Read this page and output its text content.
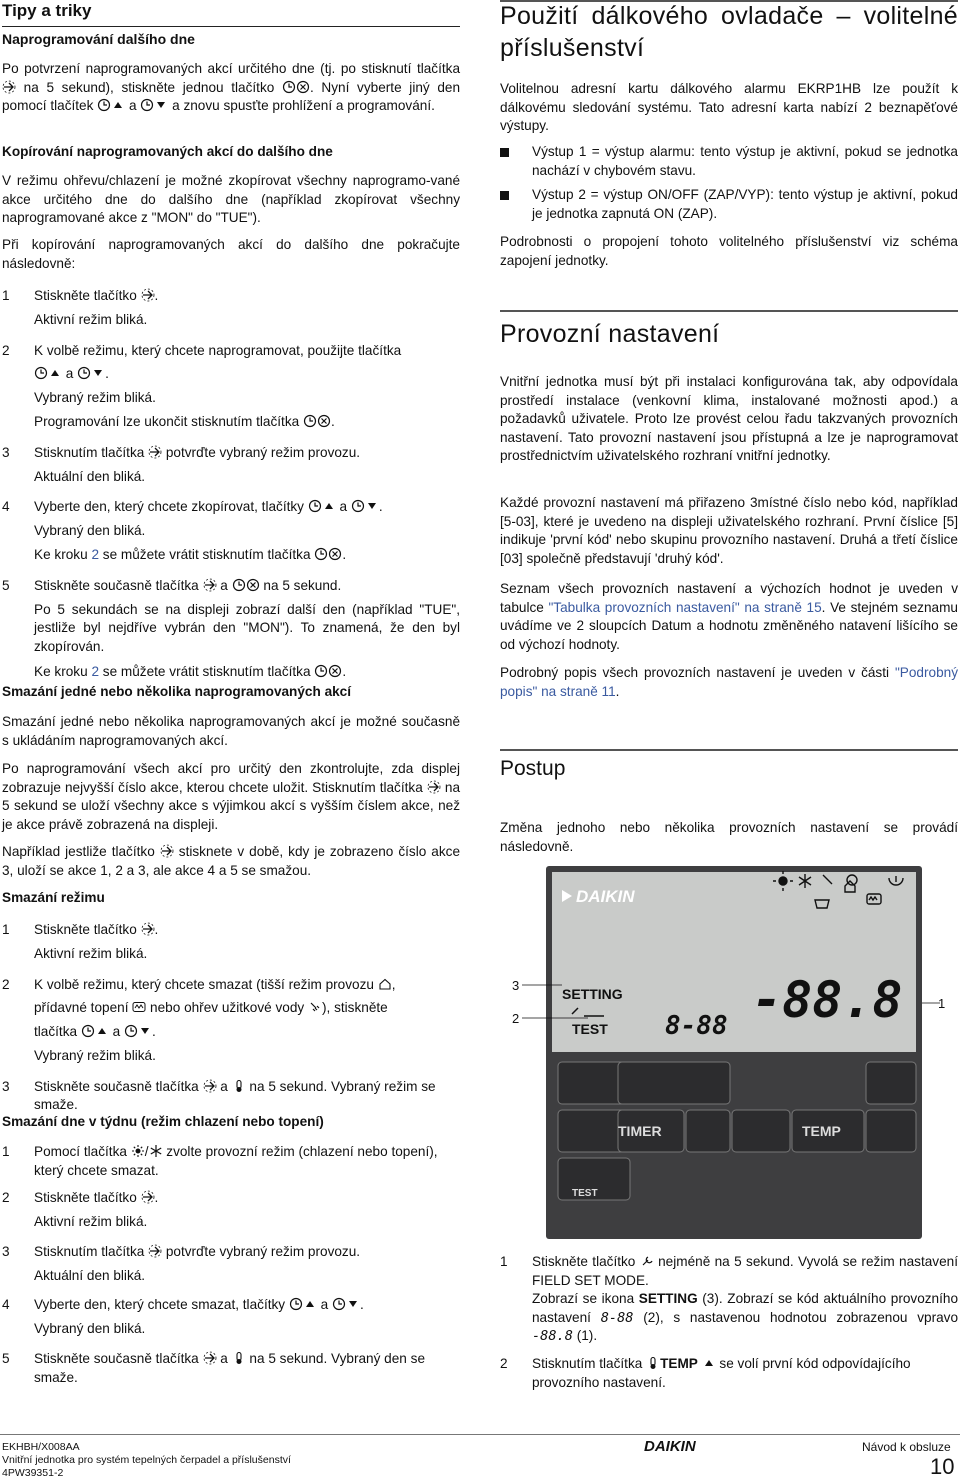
Tipy a triky

Naprogramování dalšího dne

Po potvrzení naprogramovaných akcí určitého dne (tj. po stisknutí tlačítka  na 5 sekund), stiskněte jednou tlačítko	. Nyní vyberte jiný den pomocí tlačítek	a	a znovu spusťte prohlížení a programování.

Kopírování naprogramovaných akcí do dalšího dne

V režimu ohřevu/chlazení je možné zkopírovat všechny naprogramo-vané akce určitého dne do dalšího dne (například zkopírovat všechny naprogramované akce z "MON" do "TUE").

Při kopírování naprogramovaných akcí do dalšího dne pokračujte následovně:

1 Stiskněte tlačítko .
Aktivní režim bliká.
2 K volbě režimu, který chcete naprogramovat, použijte tlačítka
a .
Vybraný režim bliká.
Programování lze ukončit stisknutím tlačítka .
3 Stisknutím tlačítka potvrďte vybraný režim provozu.
Aktuální den bliká.
4 Vyberte den, který chcete zkopírovat, tlačítky	a .
Vybraný den bliká.
Ke kroku 2 se můžete vrátit stisknutím tlačítka .
5 Stiskněte současně tlačítka a	na 5 sekund.
Po 5 sekundách se na displeji zobrazí další den (například "TUE", jestliže byl nejdříve vybrán den "MON"). To znamená, že den byl zkopírován.
Ke kroku 2 se můžete vrátit stisknutím tlačítka .

Smazání jedné nebo několika naprogramovaných akcí

Smazání jedné nebo několika naprogramovaných akcí je možné současně s ukládáním naprogramovaných akcí.

Po naprogramování všech akcí pro určitý den zkontrolujte, zda displej zobrazuje nejvyšší číslo akce, kterou chcete uložit. Stisknutím tlačítka na 5 sekund se uloží všechny akce s výjimkou akcí s vyšším číslem akce, než je akce právě zobrazená na displeji.

Například jestliže tlačítko stisknete v době, kdy je zobrazeno číslo akce 3, uloží se akce 1, 2 a 3, ale akce 4 a 5 se smažou.

Smazání režimu

1 Stiskněte tlačítko .
Aktivní režim bliká.
2 K volbě režimu, který chcete smazat (tišší režim provozu ,
přídavné topení nebo ohřev užitkové vody ), stiskněte
tlačítka	a .
Vybraný režim bliká.
3 Stiskněte současně tlačítka a na 5 sekund. Vybraný režim se smaže.

Smazání dne v týdnu (režim chlazení nebo topení)

1 Pomocí tlačítka / zvolte provozní režim (chlazení nebo topení), který chcete smazat.
2 Stiskněte tlačítko .
Aktivní režim bliká.
3 Stisknutím tlačítka potvrďte vybraný režim provozu.
Aktuální den bliká.
4 Vyberte den, který chcete smazat, tlačítky	a .
Vybraný den bliká.
5 Stiskněte současně tlačítka a na 5 sekund. Vybraný den se smaže.
Použití dálkového ovladače – volitelné příslušenství

Volitelnou adresní kartu dálkového alarmu EKRP1HB lze použít k dálkovému sledování systému. Tato adresní karta nabízí 2 beznapěťové výstupy.

Výstup 1 = výstup alarmu: tento výstup je aktivní, pokud se jednotka nachází v chybovém stavu.
Výstup 2 = výstup ON/OFF (ZAP/VYP): tento výstup je aktivní, pokud je jednotka zapnutá ON (ZAP).

Podrobnosti o propojení tohoto volitelného příslušenství viz schéma zapojení jednotky.

Provozní nastavení

Vnitřní jednotka musí být při instalaci konfigurována tak, aby odpovídala prostředí instalace (venkovní klima, instalované možnosti apod.) a požadavků uživatele. Proto lze provést celou řadu takzvaných provozních nastavení. Tato provozní nastavení jsou přístupná a lze je naprogramovat prostřednictvím uživatelského rozhraní vnitřní jednotky.

Každé provozní nastavení má přiřazeno 3místné číslo nebo kód, například [5-03], které je uvedeno na displeji uživatelského rozhraní. První číslice [5] indikuje 'první kód' nebo skupinu provozního nastavení. Druhá a třetí číslice [03] společně představují 'druhý kód'.

Seznam všech provozních nastavení a výchozích hodnot je uveden v tabulce "Tabulka provozních nastavení" na straně 15. Ve stejném seznamu uvádíme ve 2 sloupcích Datum a hodnotu změněného natavení lišícího se od výchozí hodnoty.

Podrobný popis všech provozních nastavení je uveden v části "Podrobný popis" na straně 11.

Postup

Změna jednoho nebo několika provozních nastavení se provádí následovně.

DAIKIN
SETTING
TEST 8-88 -88.8
TIMER	TEMP
TEST
3
2
1
1 Stiskněte tlačítko nejméně na 5 sekund. Vyvolá se režim nastavení FIELD SET MODE.
Zobrazí se ikona SETTING (3). Zobrazí se kód aktuálního provozního nastavení 8-88 (2), s nastavenou hodnotou zobrazenou vpravo -88.8 (1).
2 Stisknutím tlačítka TEMP se volí první kód odpovídajícího provozního nastavení.
EKHBH/X008AA
Vnitřní jednotka pro systém tepelných čerpadel a příslušenství
4PW39351-2
DAIKIN	Návod k obsluze
10
